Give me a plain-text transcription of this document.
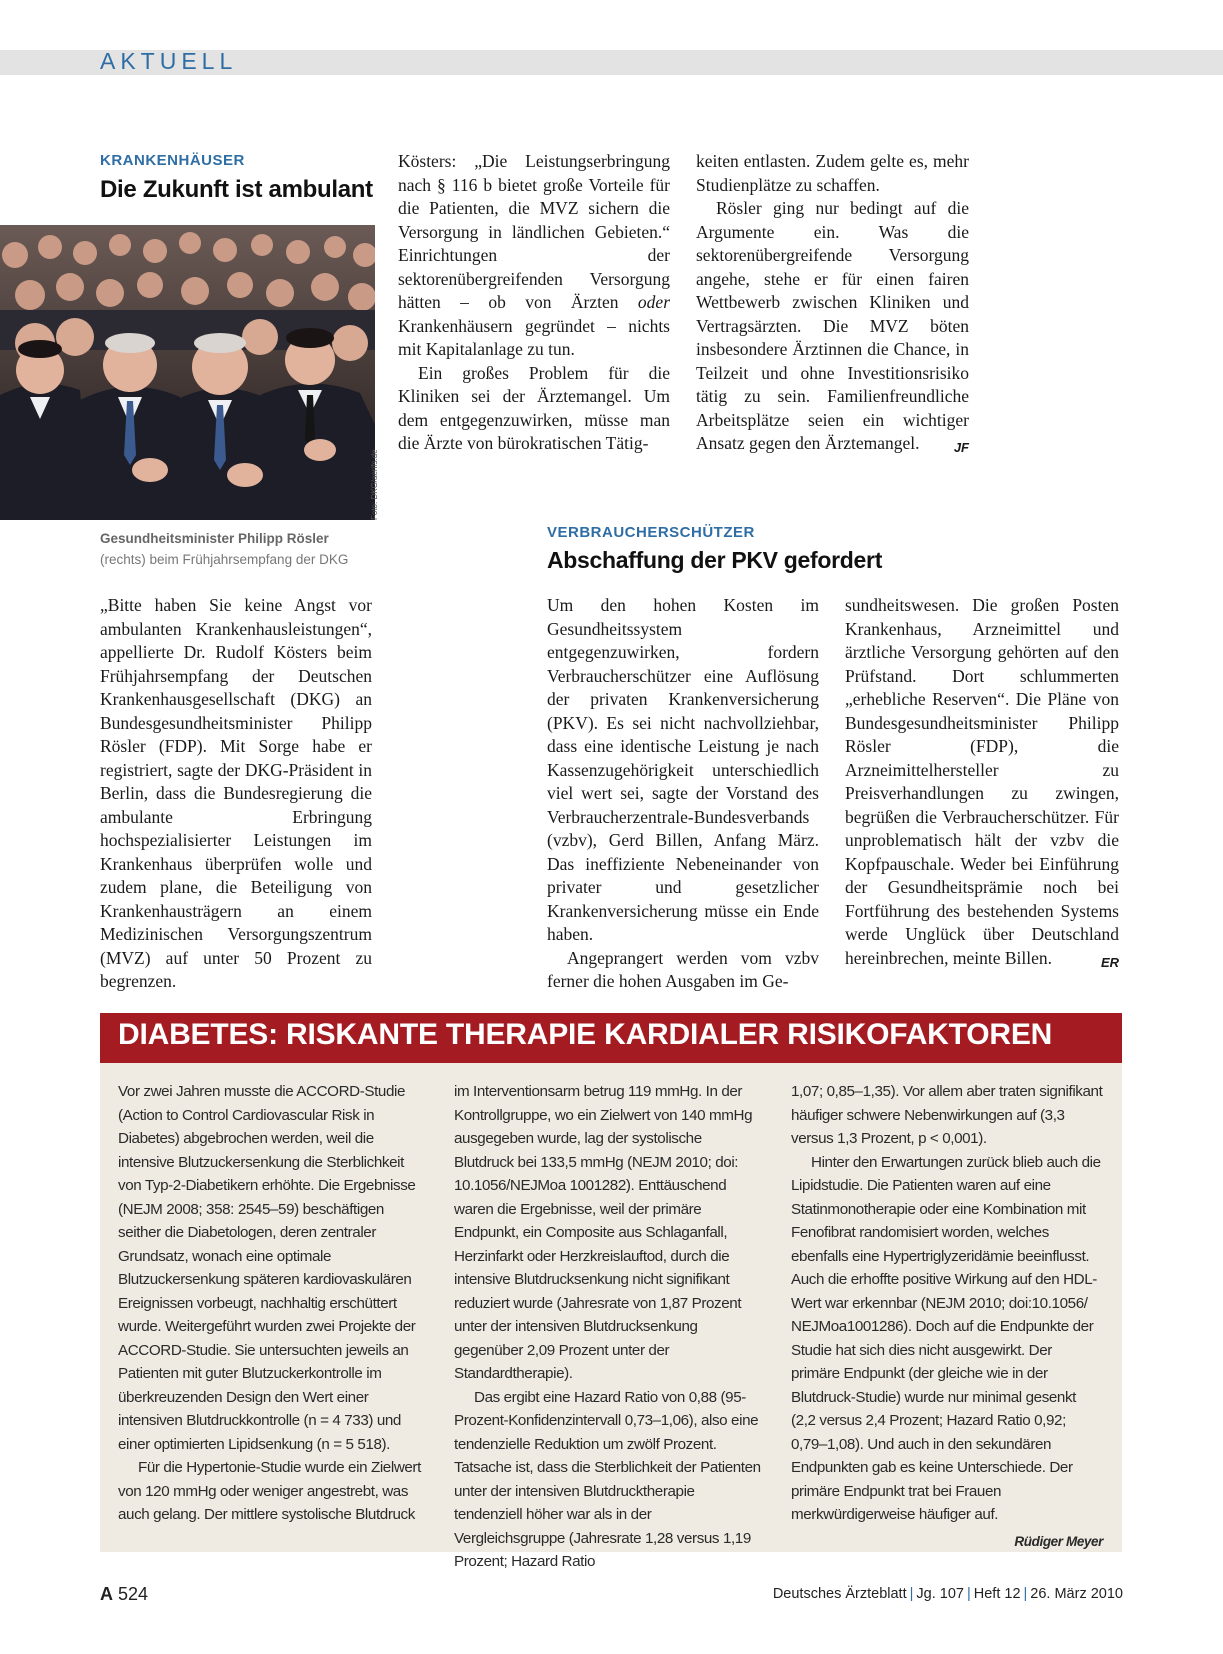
AKTUELL
KRANKENHÄUSER
Die Zukunft ist ambulant
Foto: DKG/aerifs.de
Gesundheitsminister Philipp Rösler
(rechts) beim Frühjahrsempfang der DKG

„Bitte haben Sie keine Angst vor ambulanten Krankenhausleistungen“, appellierte Dr. Rudolf Kösters beim Frühjahrsempfang der Deutschen Krankenhausgesellschaft (DKG) an Bundesgesundheitsminister Philipp Rösler (FDP). Mit Sorge habe er registriert, sagte der DKG-Präsident in Berlin, dass die Bundesregierung die ambulante Erbringung hochspezialisierter Leistungen im Krankenhaus überprüfen wolle und zudem plane, die Beteiligung von Krankenhausträgern an einem Medizinischen Versorgungszentrum (MVZ) auf unter 50 Prozent zu begrenzen.

Kösters: „Die Leistungserbringung nach § 116 b bietet große Vorteile für die Patienten, die MVZ sichern die Versorgung in ländlichen Gebieten.“ Einrichtungen der sektorenübergreifenden Versorgung hätten – ob von Ärzten oder Krankenhäusern gegründet – nichts mit Kapitalanlage zu tun.

Ein großes Problem für die Kliniken sei der Ärztemangel. Um dem entgegenzuwirken, müsse man die Ärzte von bürokratischen Tätig-

keiten entlasten. Zudem gelte es, mehr Studienplätze zu schaffen.

Rösler ging nur bedingt auf die Argumente ein. Was die sektorenübergreifende Versorgung angehe, stehe er für einen fairen Wettbewerb zwischen Kliniken und Vertragsärzten. Die MVZ böten insbesondere Ärztinnen die Chance, in Teilzeit und ohne Investitionsrisiko tätig zu sein. Familienfreundliche Arbeitsplätze seien ein wichtiger Ansatz gegen den Ärztemangel.	JF

VERBRAUCHERSCHÜTZER
Abschaffung der PKV gefordert

Um den hohen Kosten im Gesundheitssystem entgegenzuwirken, fordern Verbraucherschützer eine Auflösung der privaten Krankenversicherung (PKV). Es sei nicht nachvollziehbar, dass eine identische Leistung je nach Kassenzugehörigkeit unterschiedlich viel wert sei, sagte der Vorstand des Verbraucherzentrale-Bundesverbands (vzbv), Gerd Billen, Anfang März. Das ineffiziente Nebeneinander von privater und gesetzlicher Krankenversicherung müsse ein Ende haben.

Angeprangert werden vom vzbv ferner die hohen Ausgaben im Ge-

sundheitswesen. Die großen Posten Krankenhaus, Arzneimittel und ärztliche Versorgung gehörten auf den Prüfstand. Dort schlummerten „erhebliche Reserven“. Die Pläne von Bundesgesundheitsminister Philipp Rösler (FDP), die Arzneimittelhersteller zu Preisverhandlungen zu zwingen, begrüßen die Verbraucherschützer. Für unproblematisch hält der vzbv die Kopfpauschale. Weder bei Einführung der Gesundheitsprämie noch bei Fortführung des bestehenden Systems werde Unglück über Deutschland hereinbrechen, meinte Billen.	ER

DIABETES: RISKANTE THERAPIE KARDIALER RISIKOFAKTOREN

Vor zwei Jahren musste die ACCORD-Studie (Action to Control Cardiovascular Risk in Diabetes) abgebrochen werden, weil die intensive Blutzuckersenkung die Sterblichkeit von Typ-2-Diabetikern erhöhte. Die Ergebnisse (NEJM 2008; 358: 2545–59) beschäftigen seither die Diabetologen, deren zentraler Grundsatz, wonach eine optimale Blutzuckersenkung späteren kardiovaskulären Ereignissen vorbeugt, nachhaltig erschüttert wurde. Weitergeführt wurden zwei Projekte der ACCORD-Studie. Sie untersuchten jeweils an Patienten mit guter Blutzuckerkontrolle im überkreuzenden Design den Wert einer intensiven Blutdruckkontrolle (n = 4 733) und einer optimierten Lipidsenkung (n = 5 518).

Für die Hypertonie-Studie wurde ein Zielwert von 120 mmHg oder weniger angestrebt, was auch gelang. Der mittlere systolische Blutdruck

im Interventionsarm betrug 119 mmHg. In der Kontrollgruppe, wo ein Zielwert von 140 mmHg ausgegeben wurde, lag der systolische Blutdruck bei 133,5 mmHg (NEJM 2010; doi: 10.1056/NEJMoa 1001282). Enttäuschend waren die Ergebnisse, weil der primäre Endpunkt, ein Composite aus Schlaganfall, Herzinfarkt oder Herzkreislauftod, durch die intensive Blutdrucksenkung nicht signifikant reduziert wurde (Jahresrate von 1,87 Prozent unter der intensiven Blutdrucksenkung gegenüber 2,09 Prozent unter der Standardtherapie).

Das ergibt eine Hazard Ratio von 0,88 (95-Prozent-Konfidenzintervall 0,73–1,06), also eine tendenzielle Reduktion um zwölf Prozent. Tatsache ist, dass die Sterblichkeit der Patienten unter der intensiven Blutdrucktherapie tendenziell höher war als in der Vergleichsgruppe (Jahresrate 1,28 versus 1,19 Prozent; Hazard Ratio

1,07; 0,85–1,35). Vor allem aber traten signifikant häufiger schwere Nebenwirkungen auf (3,3 versus 1,3 Prozent, p < 0,001).

Hinter den Erwartungen zurück blieb auch die Lipidstudie. Die Patienten waren auf eine Statinmonotherapie oder eine Kombination mit Fenofibrat randomisiert worden, welches ebenfalls eine Hypertriglyzeridämie beeinflusst. Auch die erhoffte positive Wirkung auf den HDL-Wert war erkennbar (NEJM 2010; doi:10.1056/ NEJMoa1001286). Doch auf die Endpunkte der Studie hat sich dies nicht ausgewirkt. Der primäre Endpunkt (der gleiche wie in der Blutdruck-Studie) wurde nur minimal gesenkt (2,2 versus 2,4 Prozent; Hazard Ratio 0,92; 0,79–1,08). Und auch in den sekundären Endpunkten gab es keine Unterschiede. Der primäre Endpunkt trat bei Frauen merkwürdigerweise häufiger auf.
Rüdiger Meyer

A 524	Deutsches Ärzteblatt | Jg. 107 | Heft 12 | 26. März 2010
